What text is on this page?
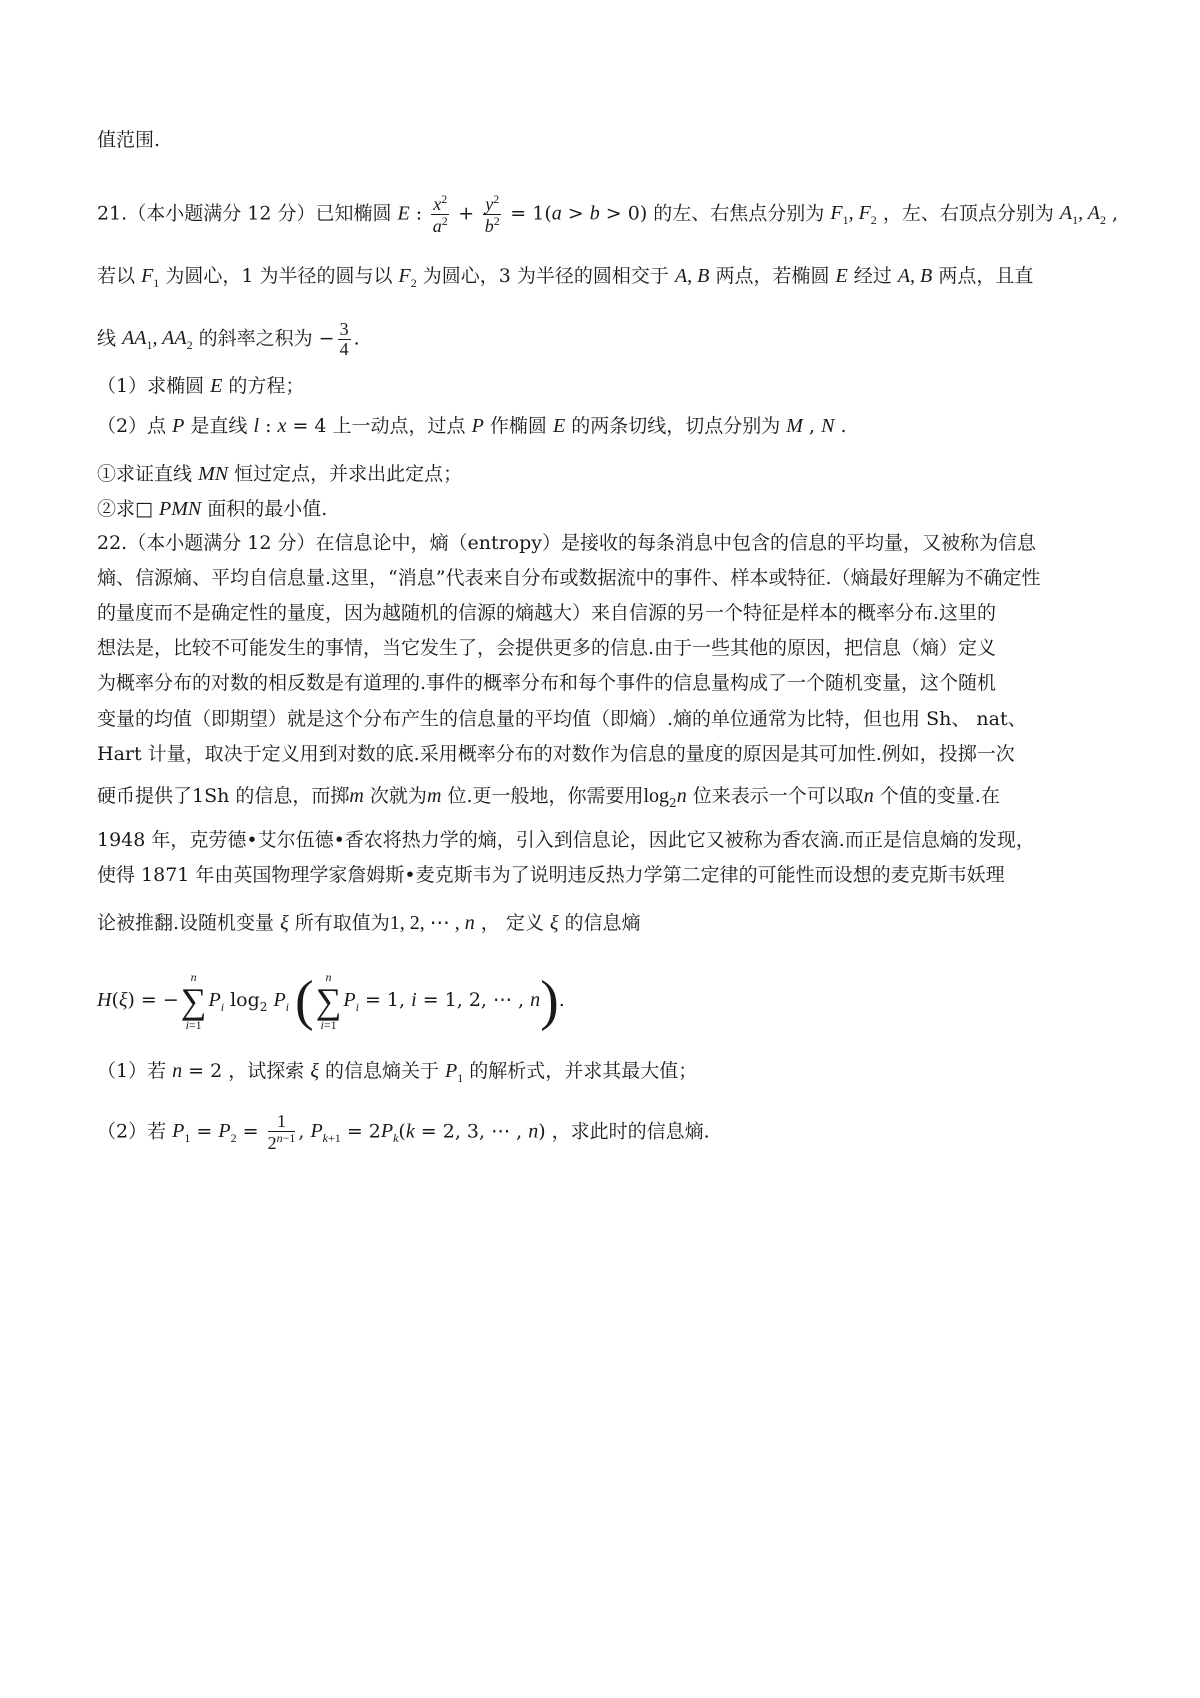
值范围.
21.（本小题满分 12 分）已知椭圆 E : $\frac{x^2}{a^2} + \frac{y^2}{b^2} = 1(a > b > 0)$ 的左、右焦点分别为 $F_1$, $F_2$ ，左、右顶点分别为 $A_1$, $A_2$ ,
若以 $F_1$ 为圆心，1 为半径的圆与以 $F_2$ 为圆心，3 为半径的圆相交于 A, B 两点，若椭圆 E 经过 A, B 两点，且直
线 $AA_1$, $AA_2$ 的斜率之积为 − $\frac{3}{4}$ .
（1）求椭圆 E 的方程；
（2）点 P 是直线 l : x = 4 上一动点，过点 P 作椭圆 E 的两条切线，切点分别为 M , N .
①求证直线 MN 恒过定点，并求出此定点；
②求□ PMN 面积的最小值.
22.（本小题满分 12 分）在信息论中，熵（entropy）是接收的每条消息中包含的信息的平均量，又被称为信息
熵、信源熵、平均自信息量.这里，“消息”代表来自分布或数据流中的事件、样本或特征.（熵最好理解为不确定性
的量度而不是确定性的量度，因为越随机的信源的熵越大）来自信源的另一个特征是样本的概率分布.这里的
想法是，比较不可能发生的事情，当它发生了，会提供更多的信息.由于一些其他的原因，把信息（熵）定义
为概率分布的对数的相反数是有道理的.事件的概率分布和每个事件的信息量构成了一个随机变量，这个随机
变量的均值（即期望）就是这个分布产生的信息量的平均值（即熵）.熵的单位通常为比特，但也用 Sh、 nat、
Hart 计量，取决于定义用到对数的底.采用概率分布的对数作为信息的量度的原因是其可加性.例如，投掷一次
硬币提供了1Sh 的信息，而掷m 次就为m 位.更一般地，你需要用$\log_2n$ 位来表示一个可以取n 个值的变量.在
1948 年，克劳德•艾尔伍德•香农将热力学的熵，引入到信息论，因此它又被称为香农滴.而正是信息熵的发现，
使得 1871 年由英国物理学家詹姆斯•麦克斯韦为了说明违反热力学第二定律的可能性而设想的麦克斯韦妖理
论被推翻.设随机变量 ξ 所有取值为1, 2, ⋯ , n ， 定义 ξ 的信息熵
H(ξ) = −
n
∑
i=1
$P_i$ $\log_2 P_i$ ( n
∑
i=1
$P_i = 1$, i = 1, 2, ⋯ , n).
（1）若 n = 2 ，试探索 ξ 的信息熵关于 $P_1$ 的解析式，并求其最大值；
（2）若 $P_1 = P_2 = \frac{1}{2^{n-1}}$ , $P_{k+1} = 2P_k(k = 2$, 3, ⋯ , n) ，求此时的信息熵.
